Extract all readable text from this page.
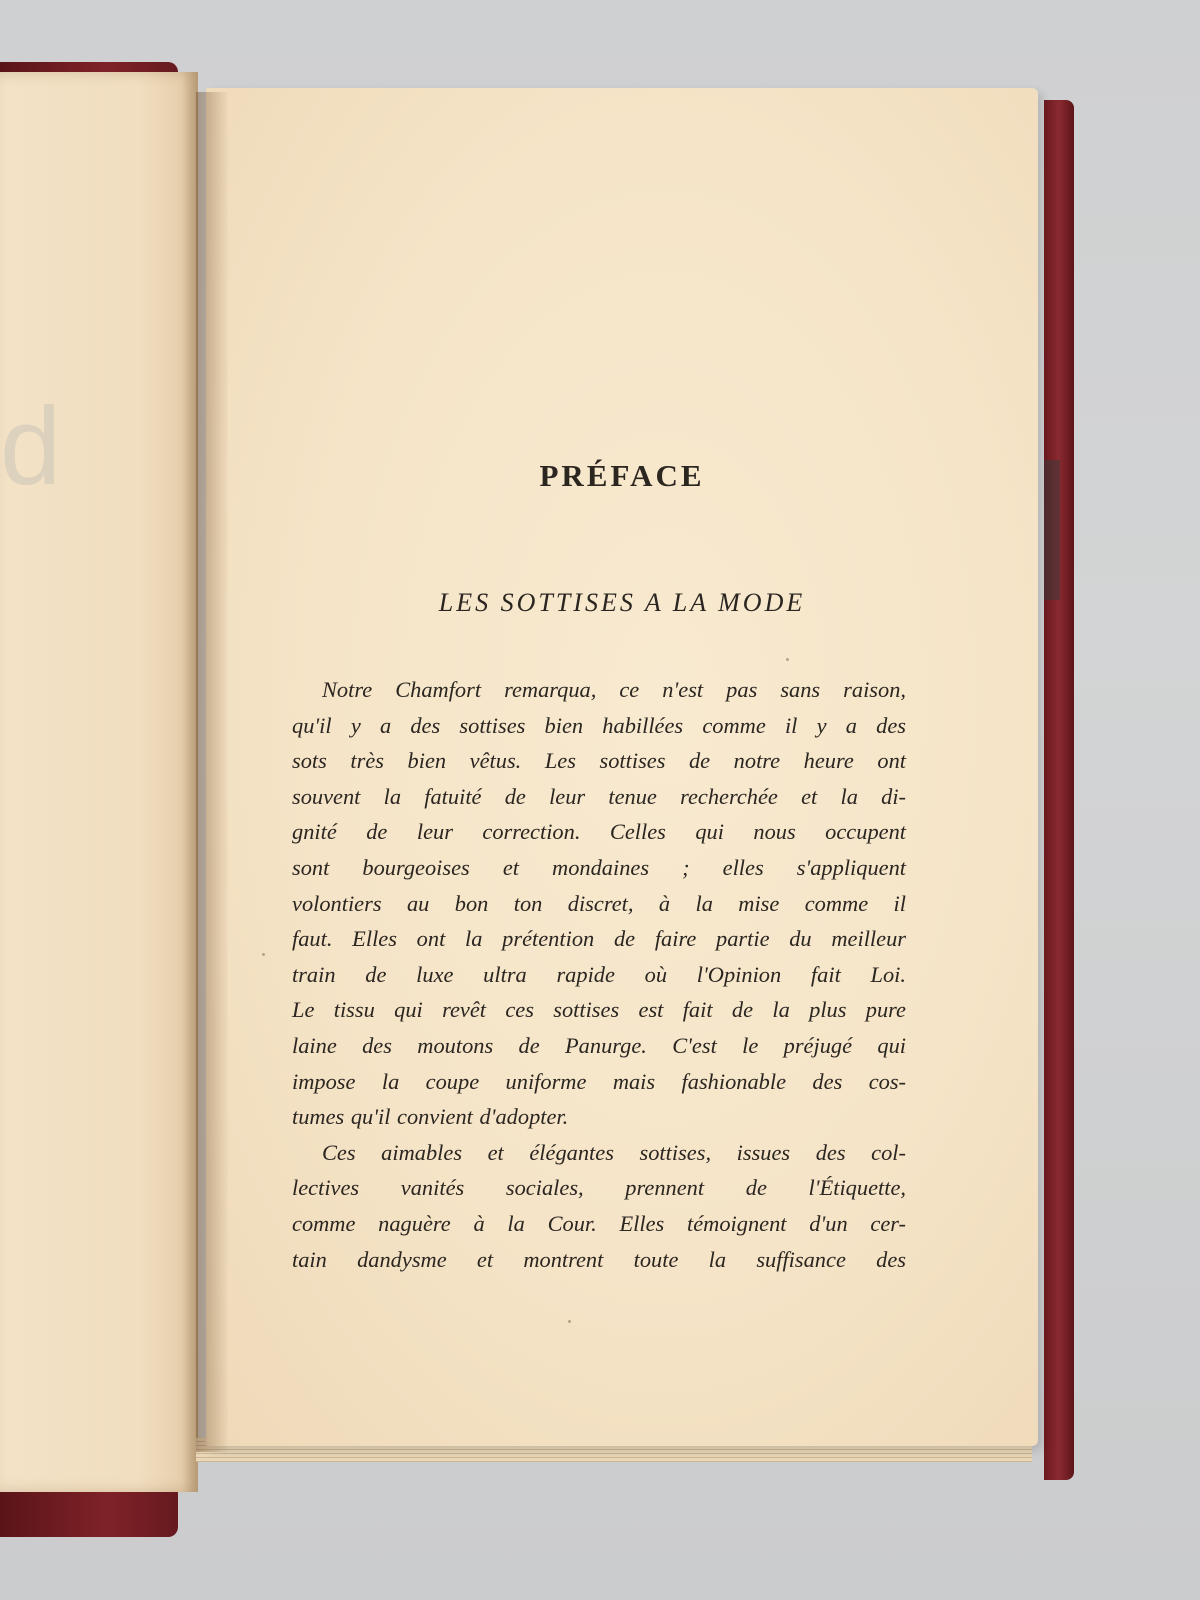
d	PRÉFACE
LES SOTTISES A LA MODE
Notre Chamfort remarqua, ce n'est pas sans raison,
qu'il y a des sottises bien habillées comme il y a des
sots très bien vêtus. Les sottises de notre heure ont
souvent la fatuité de leur tenue recherchée et la di-
gnité de leur correction. Celles qui nous occupent
sont bourgeoises et mondaines ; elles s'appliquent
volontiers au bon ton discret, à la mise comme il
faut. Elles ont la prétention de faire partie du meilleur
train de luxe ultra rapide où l'Opinion fait Loi.
Le tissu qui revêt ces sottises est fait de la plus pure
laine des moutons de Panurge. C'est le préjugé qui
impose la coupe uniforme mais fashionable des cos-
tumes qu'il convient d'adopter.
Ces aimables et élégantes sottises, issues des col-
lectives vanités sociales, prennent de l'Étiquette,
comme naguère à la Cour. Elles témoignent d'un cer-
tain dandysme et montrent toute la suffisance des
